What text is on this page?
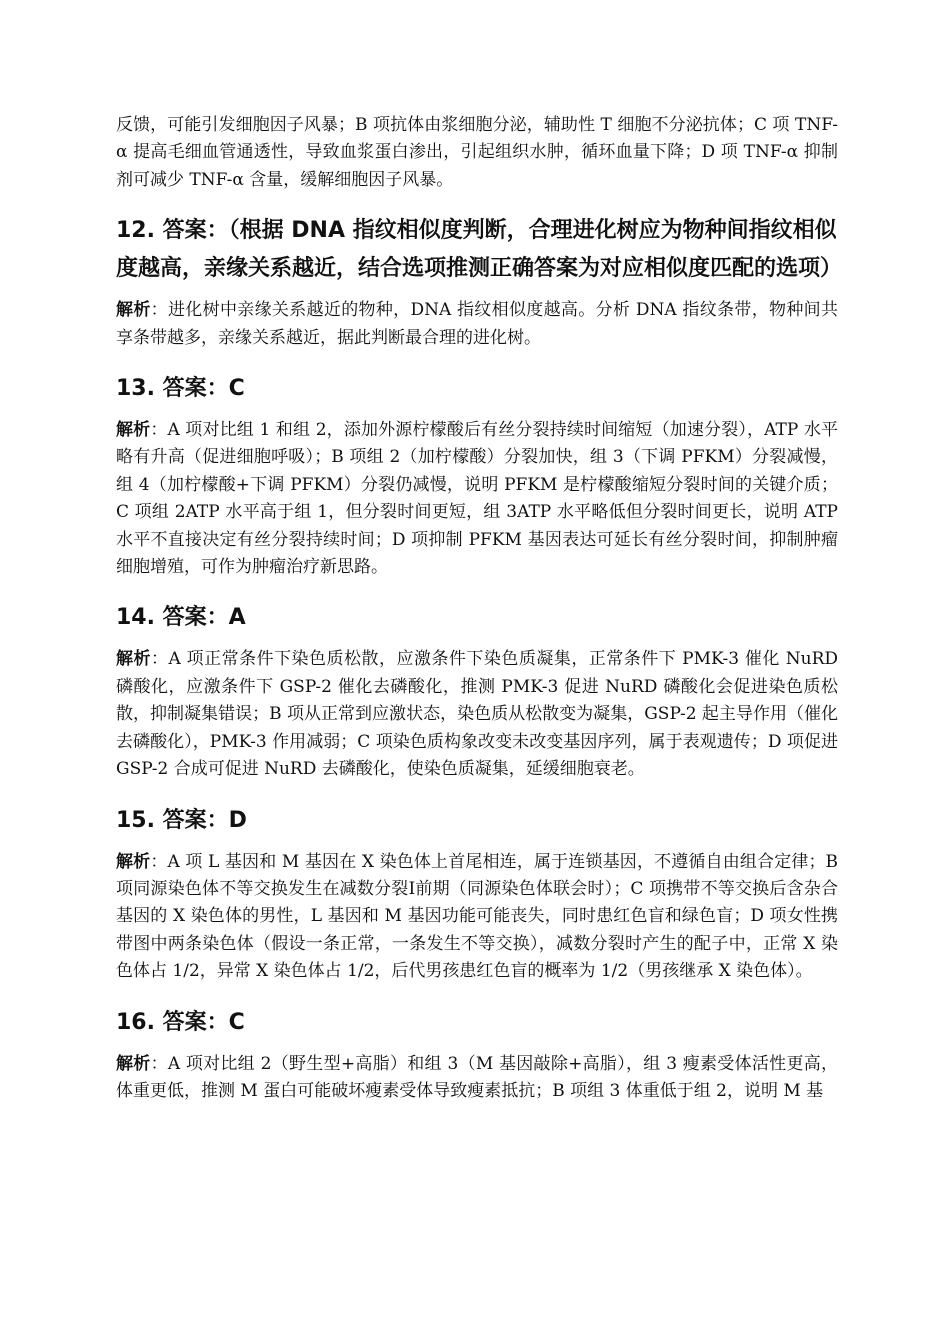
反馈，可能引发细胞因子风暴；B 项抗体由浆细胞分泌，辅助性 T 细胞不分泌抗体；C 项 TNF-α 提高毛细血管通透性，导致血浆蛋白渗出，引起组织水肿，循环血量下降；D 项 TNF-α 抑制剂可减少 TNF-α 含量，缓解细胞因子风暴。

12. 答案：（根据 DNA 指纹相似度判断，合理进化树应为物种间指纹相似度越高，亲缘关系越近，结合选项推测正确答案为对应相似度匹配的选项）

解析：进化树中亲缘关系越近的物种，DNA 指纹相似度越高。分析 DNA 指纹条带，物种间共享条带越多，亲缘关系越近，据此判断最合理的进化树。

13. 答案：C

解析：A 项对比组 1 和组 2，添加外源柠檬酸后有丝分裂持续时间缩短（加速分裂），ATP 水平略有升高（促进细胞呼吸）；B 项组 2（加柠檬酸）分裂加快，组 3（下调 PFKM）分裂减慢，组 4（加柠檬酸+下调 PFKM）分裂仍减慢，说明 PFKM 是柠檬酸缩短分裂时间的关键介质；C 项组 2ATP 水平高于组 1，但分裂时间更短，组 3ATP 水平略低但分裂时间更长，说明 ATP 水平不直接决定有丝分裂持续时间；D 项抑制 PFKM 基因表达可延长有丝分裂时间，抑制肿瘤细胞增殖，可作为肿瘤治疗新思路。

14. 答案：A

解析：A 项正常条件下染色质松散，应激条件下染色质凝集，正常条件下 PMK-3 催化 NuRD 磷酸化，应激条件下 GSP-2 催化去磷酸化，推测 PMK-3 促进 NuRD 磷酸化会促进染色质松散，抑制凝集错误；B 项从正常到应激状态，染色质从松散变为凝集，GSP-2 起主导作用（催化去磷酸化），PMK-3 作用减弱；C 项染色质构象改变未改变基因序列，属于表观遗传；D 项促进 GSP-2 合成可促进 NuRD 去磷酸化，使染色质凝集，延缓细胞衰老。

15. 答案：D

解析：A 项 L 基因和 M 基因在 X 染色体上首尾相连，属于连锁基因，不遵循自由组合定律；B 项同源染色体不等交换发生在减数分裂Ⅰ前期（同源染色体联会时）；C 项携带不等交换后含杂合基因的 X 染色体的男性，L 基因和 M 基因功能可能丧失，同时患红色盲和绿色盲；D 项女性携带图中两条染色体（假设一条正常，一条发生不等交换），减数分裂时产生的配子中，正常 X 染色体占 1/2，异常 X 染色体占 1/2，后代男孩患红色盲的概率为 1/2（男孩继承 X 染色体）。

16. 答案：C

解析：A 项对比组 2（野生型+高脂）和组 3（M 基因敲除+高脂），组 3 瘦素受体活性更高，体重更低，推测 M 蛋白可能破坏瘦素受体导致瘦素抵抗；B 项组 3 体重低于组 2，说明 M 基
